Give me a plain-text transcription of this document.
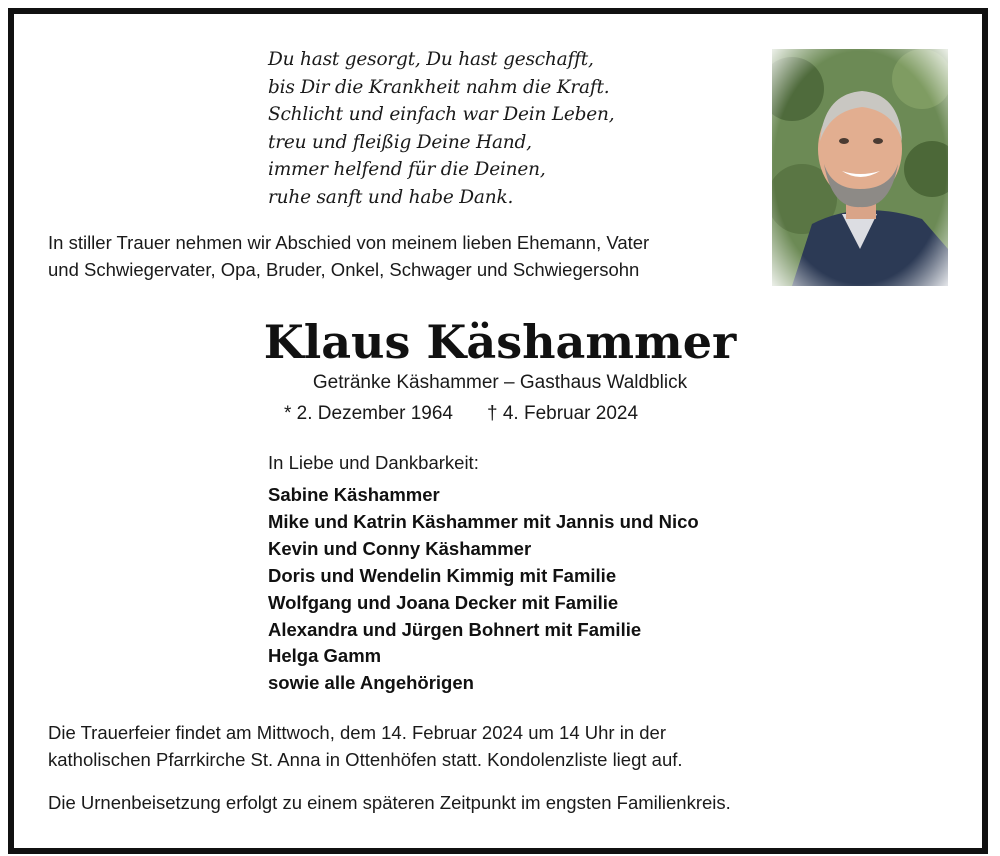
Du hast gesorgt, Du hast geschafft,
bis Dir die Krankheit nahm die Kraft.
Schlicht und einfach war Dein Leben,
treu und fleißig Deine Hand,
immer helfend für die Deinen,
ruhe sanft und habe Dank.
In stiller Trauer nehmen wir Abschied von meinem lieben Ehemann, Vater
und Schwiegervater, Opa, Bruder, Onkel, Schwager und Schwiegersohn
Klaus Käshammer
Getränke Käshammer – Gasthaus Waldblick
* 2. Dezember 1964 † 4. Februar 2024
In Liebe und Dankbarkeit:
Sabine Käshammer
Mike und Katrin Käshammer mit Jannis und Nico
Kevin und Conny Käshammer
Doris und Wendelin Kimmig mit Familie
Wolfgang und Joana Decker mit Familie
Alexandra und Jürgen Bohnert mit Familie
Helga Gamm
sowie alle Angehörigen
Die Trauerfeier findet am Mittwoch, dem 14. Februar 2024 um 14 Uhr in der
katholischen Pfarrkirche St. Anna in Ottenhöfen statt. Kondolenzliste liegt auf.
Die Urnenbeisetzung erfolgt zu einem späteren Zeitpunkt im engsten Familienkreis.
